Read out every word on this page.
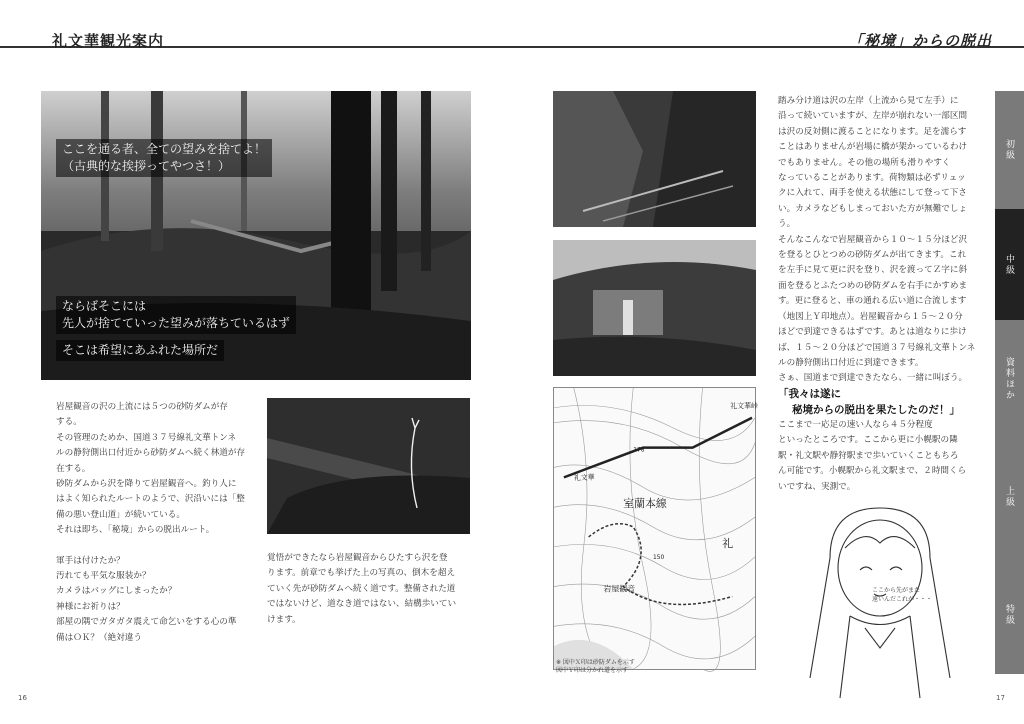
礼文華観光案内	「秘境」からの脱出
ここを通る者、全ての望みを捨てよ！
（古典的な挨拶ってやつさ！）
ならばそこには
先人が捨てていった望みが落ちているはず
そこは希望にあふれた場所だ

岩屋観音の沢の上流には５つの砂防ダムが存

する。

その管理のためか、国道３７号線礼文華トンネ

ルの静狩側出口付近から砂防ダムへ続く林道が存

在する。

砂防ダムから沢を降りて岩屋観音へ。釣り人に

はよく知られたルートのようで、沢沿いには「整

備の悪い登山道」が続いている。

それは即ち、「秘境」からの脱出ルート。

軍手は付けたか？

汚れても平気な服装か？

カメラはバッグにしまったか？

神様にお祈りは？

部屋の隅でガタガタ震えて命乞いをする心の準

備はＯＫ？（絶対違う

覚悟ができたなら岩屋観音からひたすら沢を登

ります。前章でも挙げた上の写真の、倒木を超え

ていく先が砂防ダムへ続く道です。整備された道

ではないけど、道なき道ではない、結構歩いてい

けます。

178
150
礼文華
礼文華峠
室蘭本線
礼
岩屋観音
※ 図中Ｘ印は砂防ダムを示す
図中Ｙ印は分かれ道を示す

踏み分け道は沢の左岸（上流から見て左手）に

沿って続いていますが、左岸が崩れない一部区間

は沢の反対側に渡ることになります。足を濡らす

ことはありませんが岩場に橋が架かっているわけ

でもありません。その他の場所も滑りやすく

なっていることがあります。荷物類は必ずリュッ

クに入れて、両手を使える状態にして登って下さ

い。カメラなどもしまっておいた方が無難でしょ

う。

そんなこんなで岩屋観音から１０〜１５分ほど沢

を登るとひとつめの砂防ダムが出てきます。これ

を左手に見て更に沢を登り、沢を渡ってＺ字に斜

面を登るとふたつめの砂防ダムを右手にかすめま

す。更に登ると、車の通れる広い道に合流します

（地図上Ｙ印地点）。岩屋観音から１５〜２０分

ほどで到達できるはずです。あとは道なりに歩け

ば、１５〜２０分ほどで国道３７号線礼文華トンネ

ルの静狩側出口付近に到達できます。

さぁ、国道まで到達できたなら、一緒に叫ぼう。

「我々は遂に
秘境からの脱出を果たしたのだ！」

ここまで一応足の速い人なら４５分程度

といったところです。ここから更に小幌駅の隣

駅・礼文駅や静狩駅まで歩いていくこともちろ

ん可能です。小幌駅から礼文駅まで、２時間くら

いですね、実測で。

ここから先がまた
遠いんだこれが・・・
初級
中級
資料ほか
上級
特級
16	17
